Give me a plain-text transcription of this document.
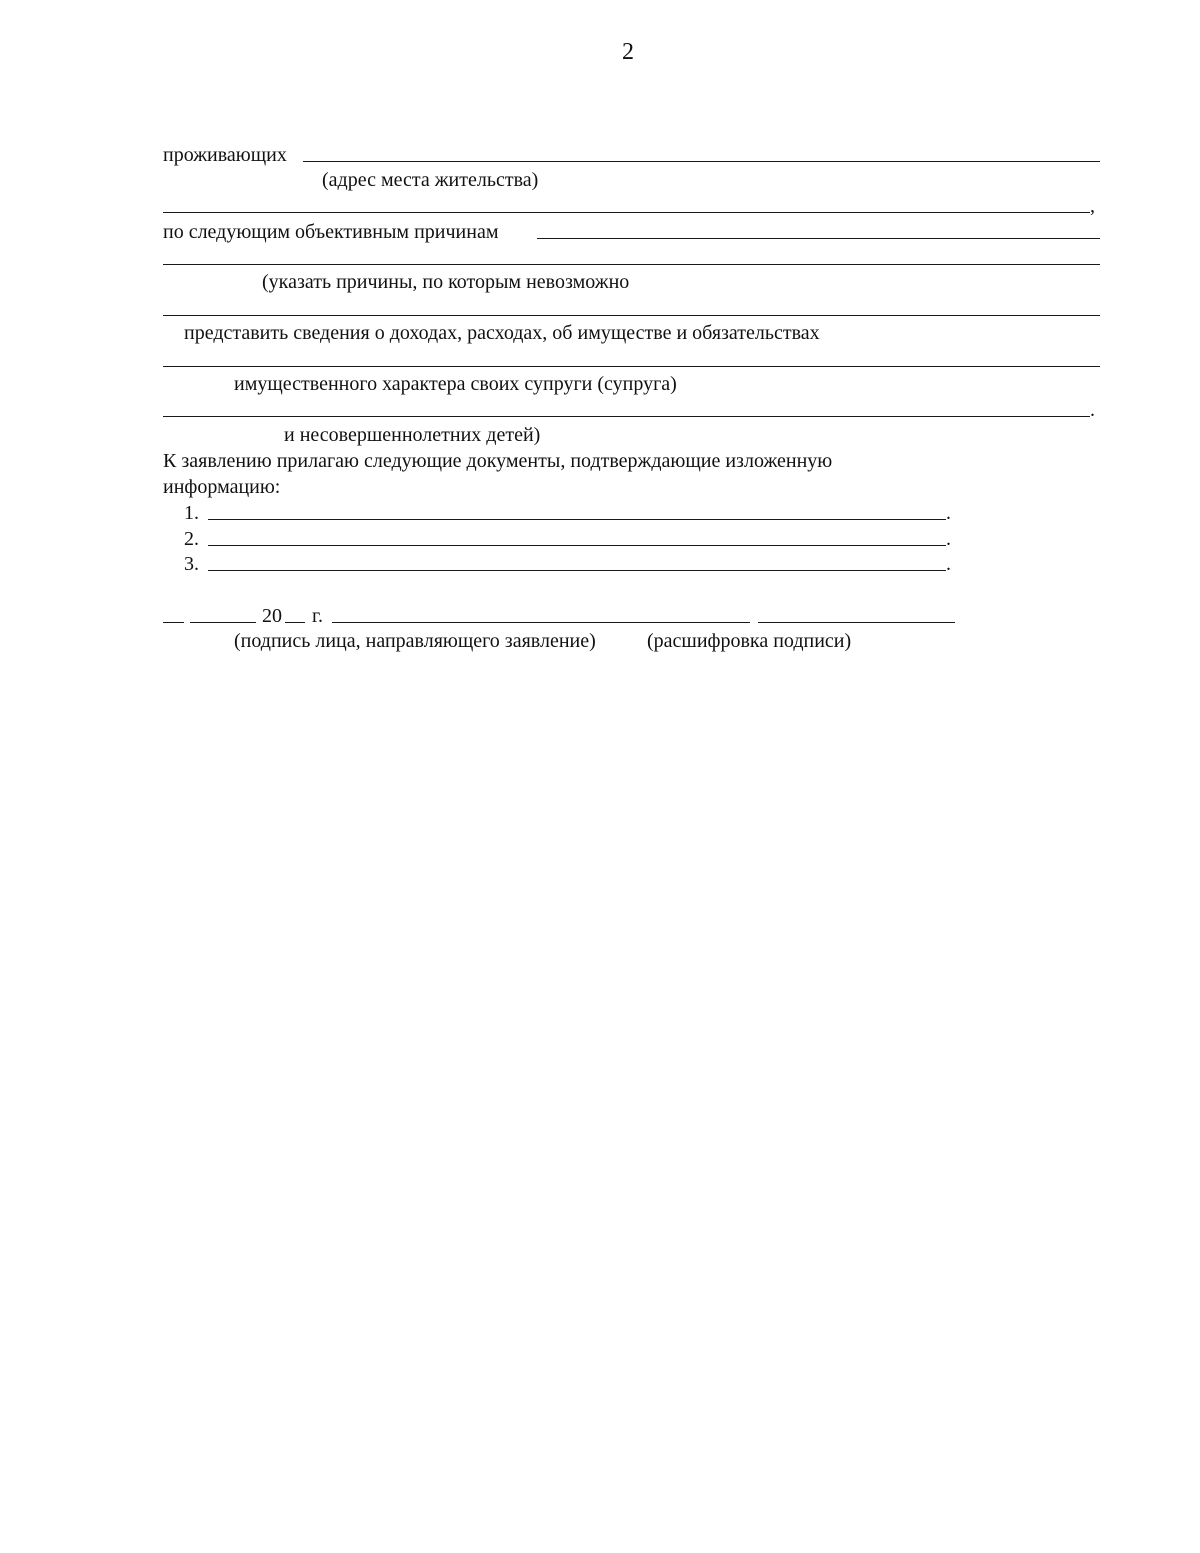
2
проживающих
(адрес места жительства)
,
по следующим объективным причинам
(указать причины, по которым невозможно
представить сведения о доходах, расходах, об имуществе и обязательствах
имущественного характера своих супруги (супруга)
.
и несовершеннолетних детей)
К заявлению прилагаю следующие документы, подтверждающие изложенную
информацию:
1.	.
2.	.
3.	.
20 г.
(подпись лица, направляющего заявление)	(расшифровка подписи)
